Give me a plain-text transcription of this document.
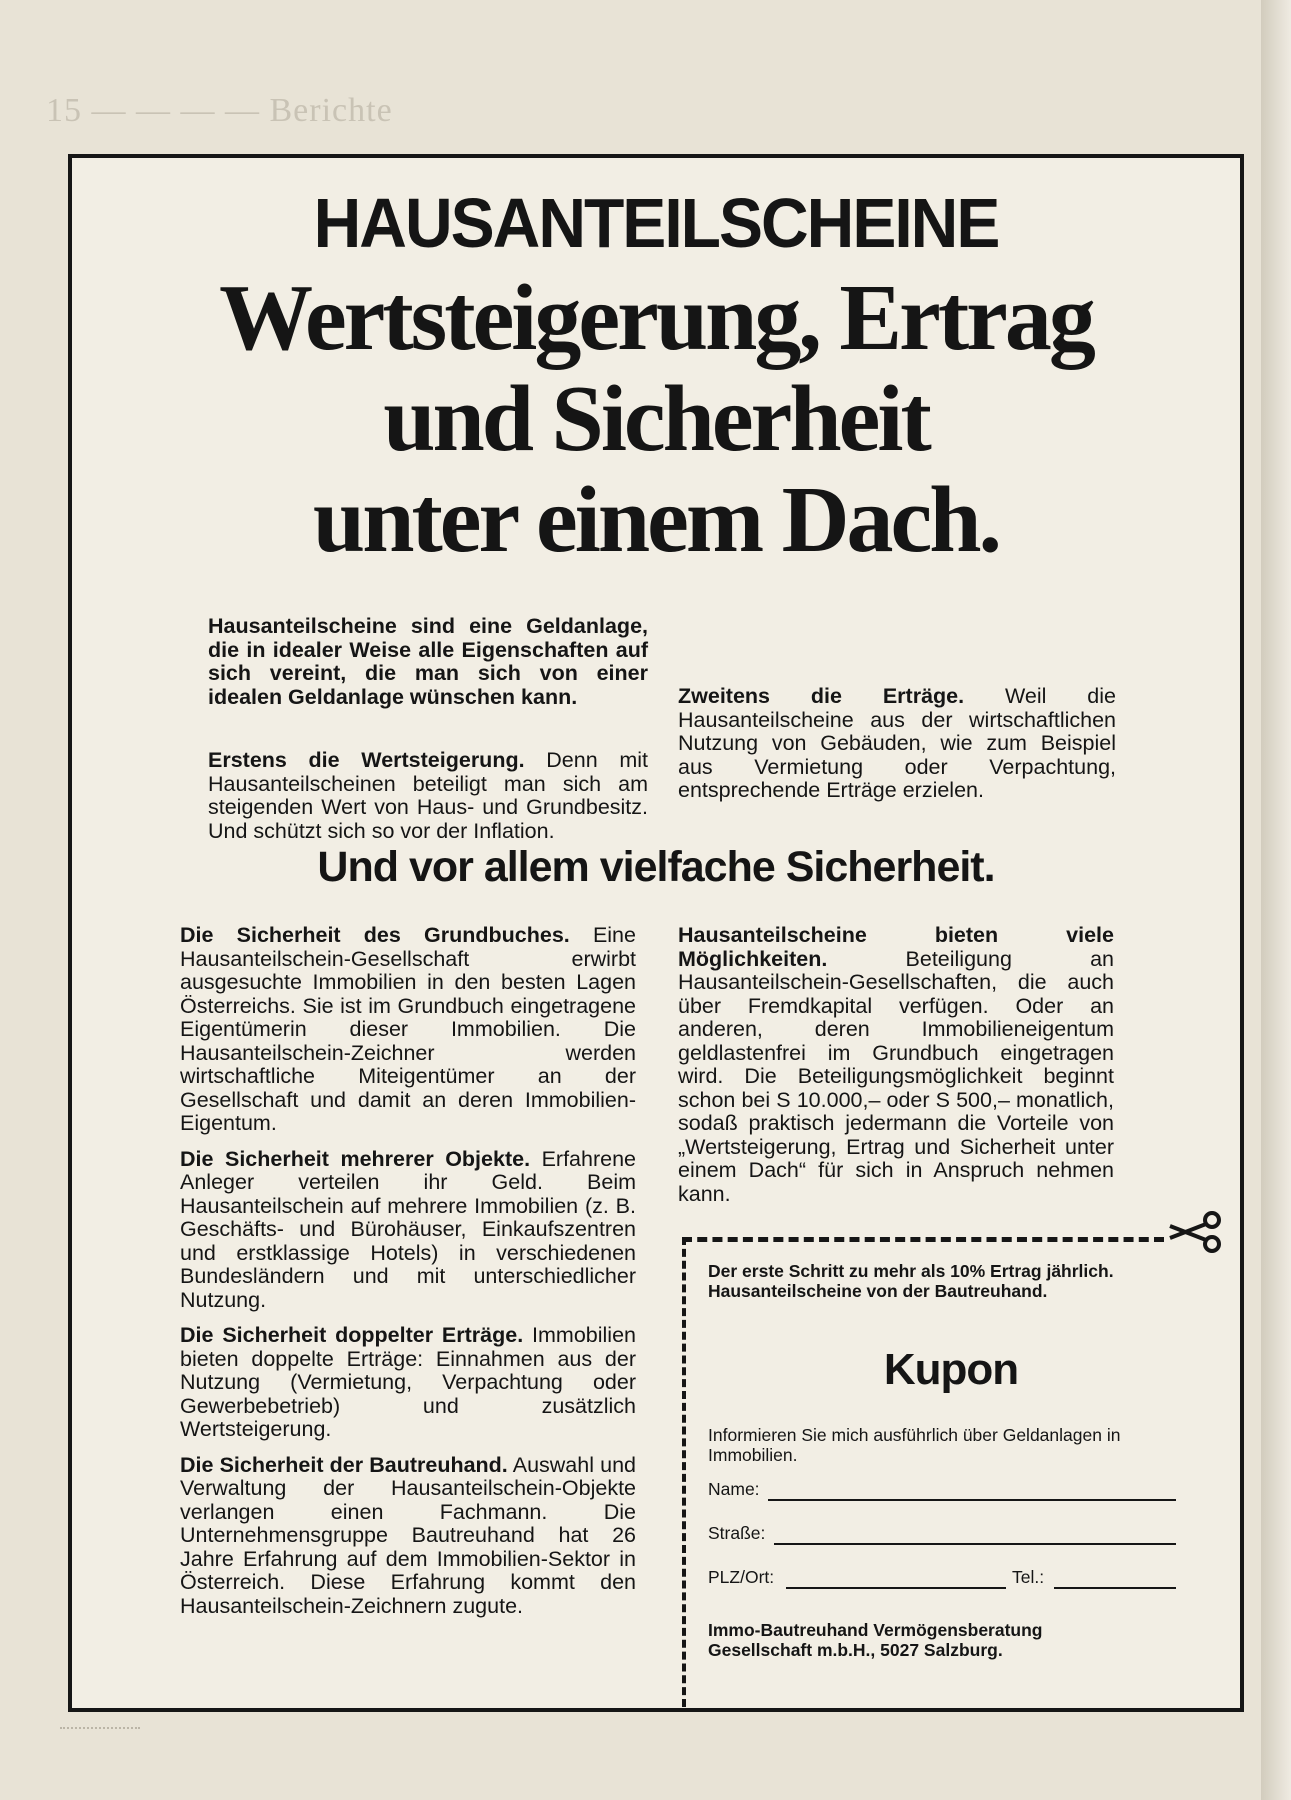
15 — — — — Berichte
HAUSANTEILSCHEINE
Wertsteigerung, Ertrag
und Sicherheit
unter einem Dach.

Hausanteilscheine sind eine Geldanlage, die in idealer Weise alle Eigenschaften auf sich vereint, die man sich von einer idealen Geldanlage wünschen kann.

Erstens die Wertsteigerung. Denn mit Hausanteilscheinen beteiligt man sich am steigenden Wert von Haus- und Grundbesitz. Und schützt sich so vor der Inflation.

Zweitens die Erträge. Weil die Hausanteilscheine aus der wirtschaftlichen Nutzung von Gebäuden, wie zum Beispiel aus Vermietung oder Verpachtung, entsprechende Erträge erzielen.

Und vor allem vielfache Sicherheit.

Die Sicherheit des Grundbuches. Eine Hausanteilschein-Gesellschaft erwirbt ausgesuchte Immobilien in den besten Lagen Österreichs. Sie ist im Grundbuch eingetragene Eigentümerin dieser Immobilien. Die Hausanteilschein-Zeichner werden wirtschaftliche Miteigentümer an der Gesellschaft und damit an deren Immobilien-Eigentum.

Die Sicherheit mehrerer Objekte. Erfahrene Anleger verteilen ihr Geld. Beim Hausanteilschein auf mehrere Immobilien (z. B. Geschäfts- und Bürohäuser, Einkaufszentren und erstklassige Hotels) in verschiedenen Bundesländern und mit unterschiedlicher Nutzung.

Die Sicherheit doppelter Erträge. Immobilien bieten doppelte Erträge: Einnahmen aus der Nutzung (Vermietung, Verpachtung oder Gewerbebetrieb) und zusätzlich Wertsteigerung.

Die Sicherheit der Bautreuhand. Auswahl und Verwaltung der Hausanteilschein-Objekte verlangen einen Fachmann. Die Unternehmensgruppe Bautreuhand hat 26 Jahre Erfahrung auf dem Immobilien-Sektor in Österreich. Diese Erfahrung kommt den Hausanteilschein-Zeichnern zugute.

Hausanteilscheine bieten viele Möglichkeiten.	Beteiligung an Hausanteilschein-Gesellschaften, die auch über Fremdkapital verfügen. Oder an anderen, deren Immobilieneigentum geldlastenfrei im Grundbuch eingetragen wird. Die Beteiligungsmöglichkeit beginnt schon bei S 10.000,– oder S 500,– monatlich, sodaß praktisch jedermann die Vorteile von „Wertsteigerung, Ertrag und Sicherheit unter einem Dach“ für sich in Anspruch nehmen kann.

Der erste Schritt zu mehr als 10% Ertrag jährlich. Hausanteilscheine von der Bautreuhand.
Kupon
Informieren Sie mich ausführlich über Geldanlagen in Immobilien.
Name:
Straße:
PLZ/Ort:	Tel.:
Immo-Bautreuhand Vermögensberatung Gesellschaft m.b.H., 5027 Salzburg.
